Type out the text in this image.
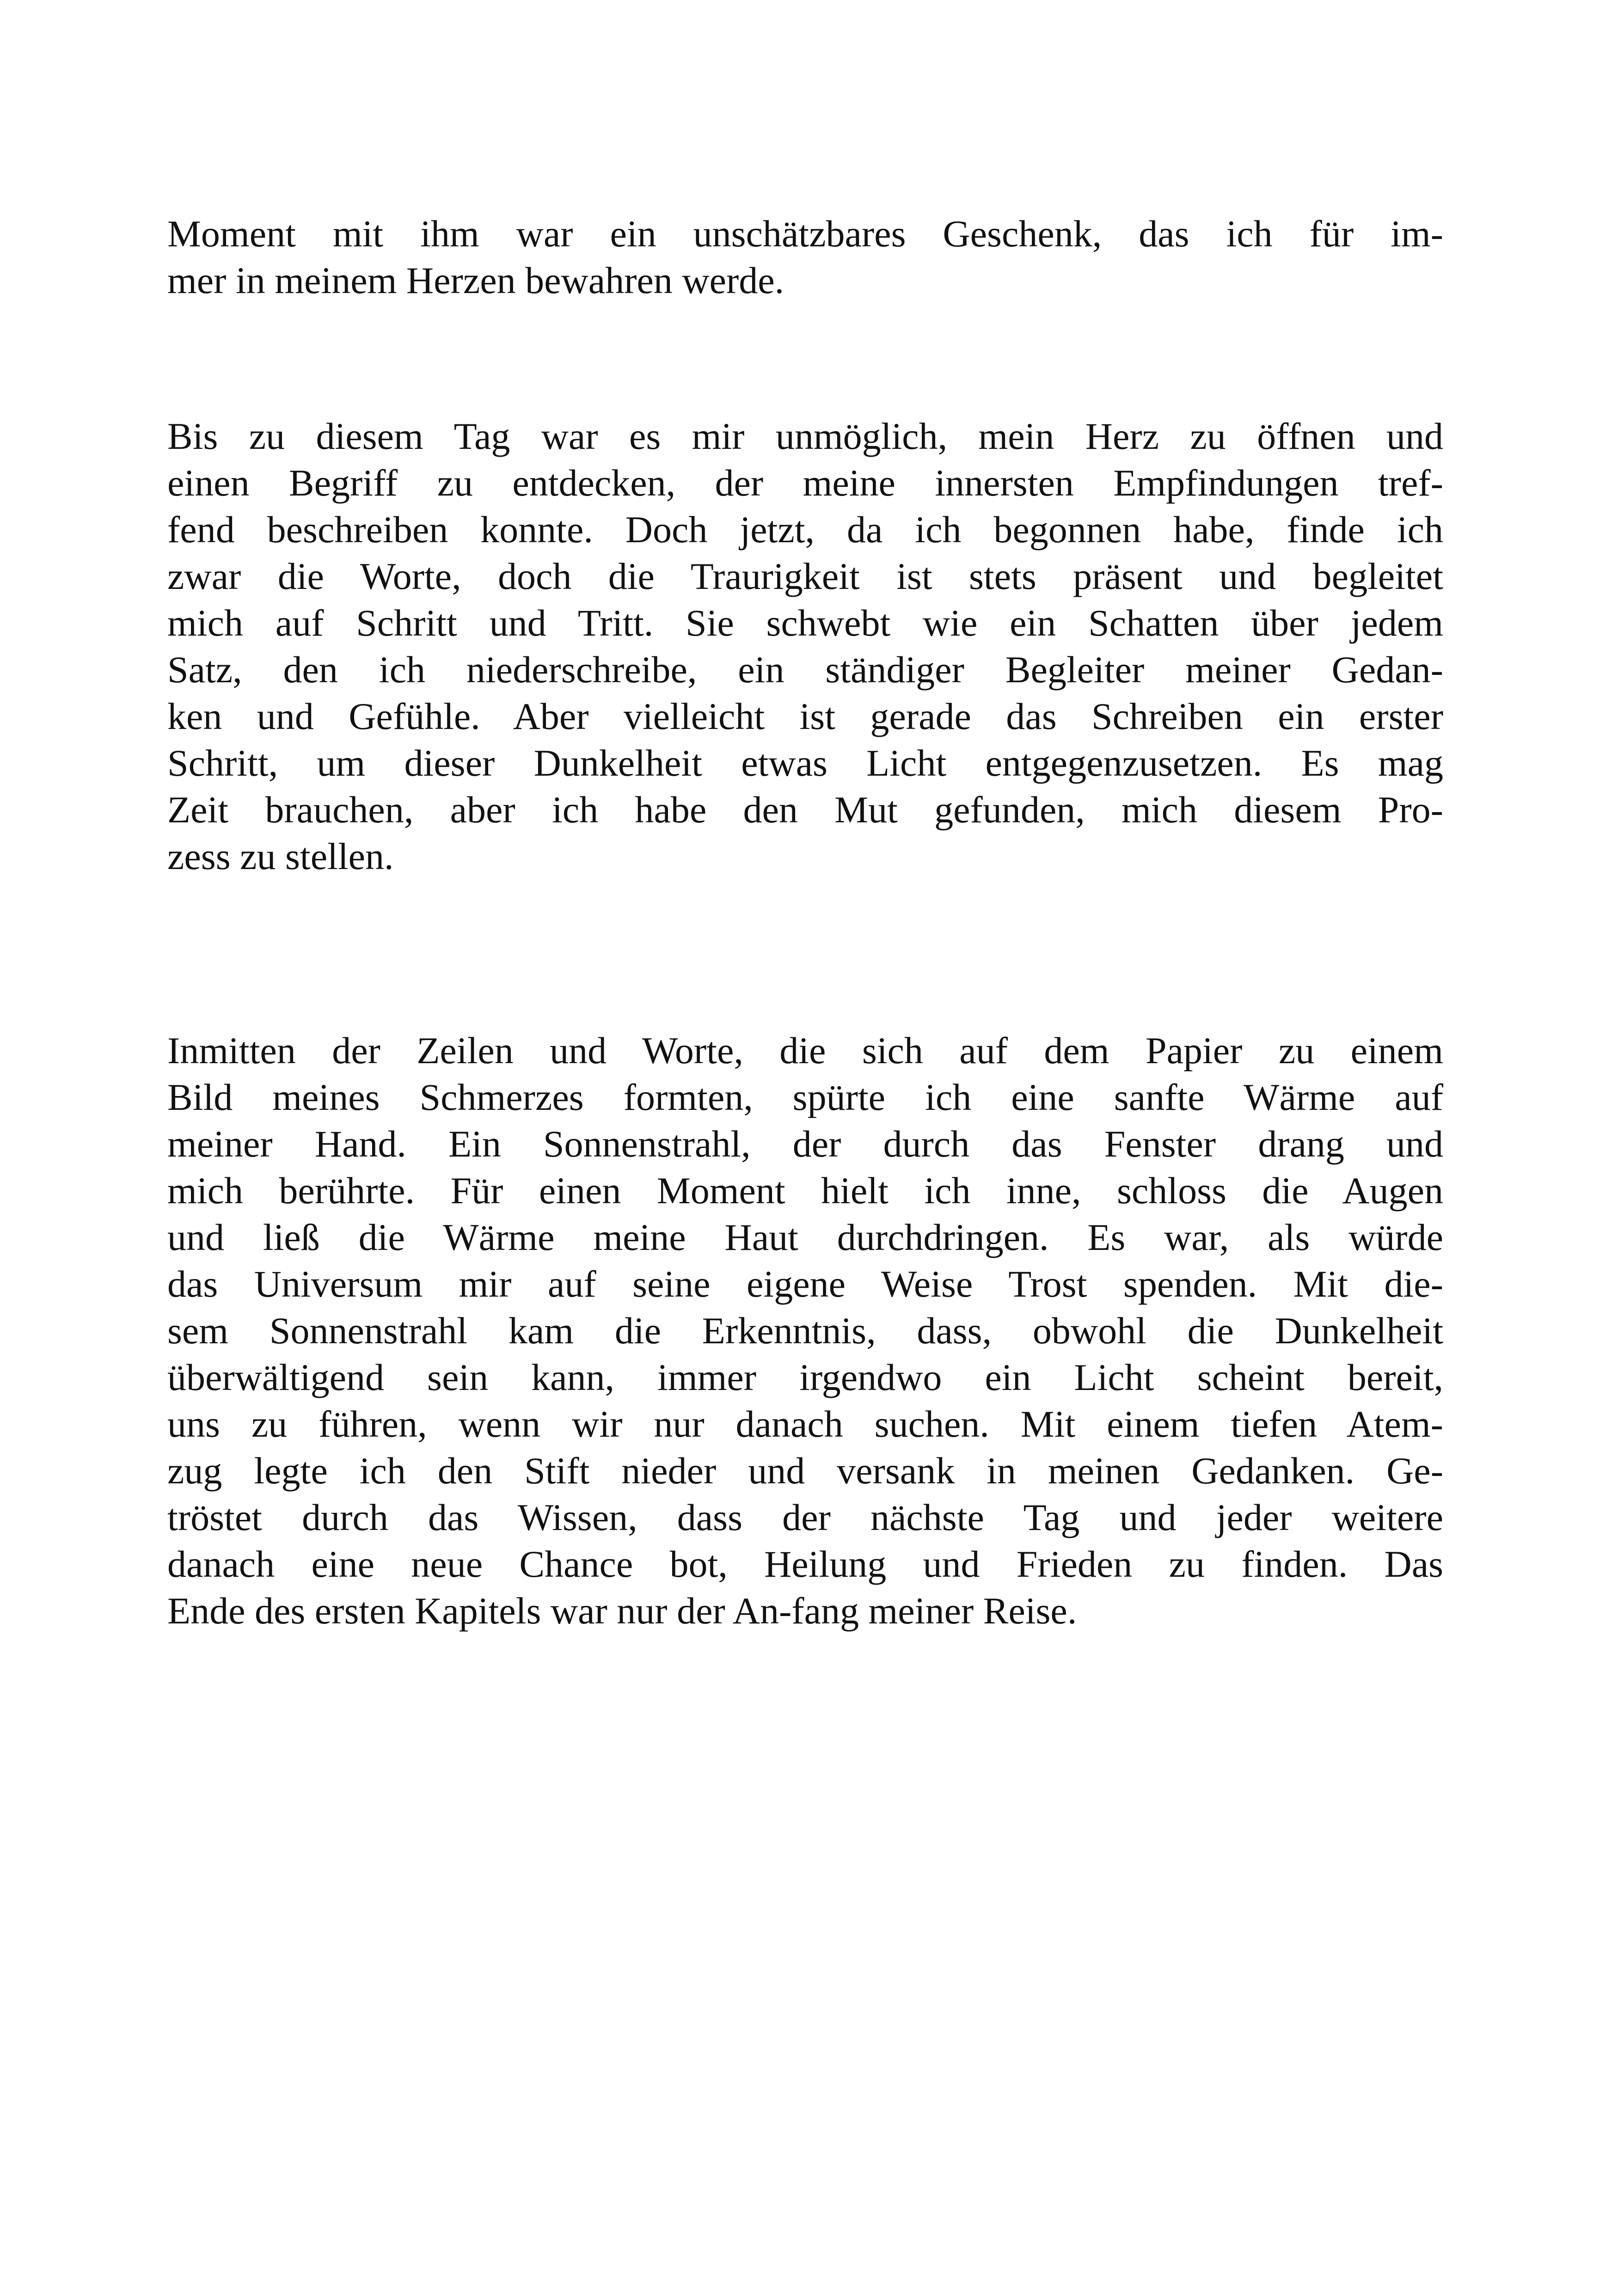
Moment mit ihm war ein unschätzbares Geschenk, das ich für im-
mer in meinem Herzen bewahren werde.

Bis zu diesem Tag war es mir unmöglich, mein Herz zu öffnen und
einen Begriff zu entdecken, der meine innersten Empfindungen tref-
fend beschreiben konnte. Doch jetzt, da ich begonnen habe, finde ich
zwar die Worte, doch die Traurigkeit ist stets präsent und begleitet
mich auf Schritt und Tritt. Sie schwebt wie ein Schatten über jedem
Satz, den ich niederschreibe, ein ständiger Begleiter meiner Gedan-
ken und Gefühle. Aber vielleicht ist gerade das Schreiben ein erster
Schritt, um dieser Dunkelheit etwas Licht entgegenzusetzen. Es mag
Zeit brauchen, aber ich habe den Mut gefunden, mich diesem Pro-
zess zu stellen.

Inmitten der Zeilen und Worte, die sich auf dem Papier zu einem
Bild meines Schmerzes formten, spürte ich eine sanfte Wärme auf
meiner Hand. Ein Sonnenstrahl, der durch das Fenster drang und
mich berührte. Für einen Moment hielt ich inne, schloss die Augen
und ließ die Wärme meine Haut durchdringen. Es war, als würde
das Universum mir auf seine eigene Weise Trost spenden. Mit die-
sem Sonnenstrahl kam die Erkenntnis, dass, obwohl die Dunkelheit
überwältigend sein kann, immer irgendwo ein Licht scheint bereit,
uns zu führen, wenn wir nur danach suchen. Mit einem tiefen Atem-
zug legte ich den Stift nieder und versank in meinen Gedanken. Ge-
tröstet durch das Wissen, dass der nächste Tag und jeder weitere
danach eine neue Chance bot, Heilung und Frieden zu finden. Das
Ende des ersten Kapitels war nur der An-fang meiner Reise.
